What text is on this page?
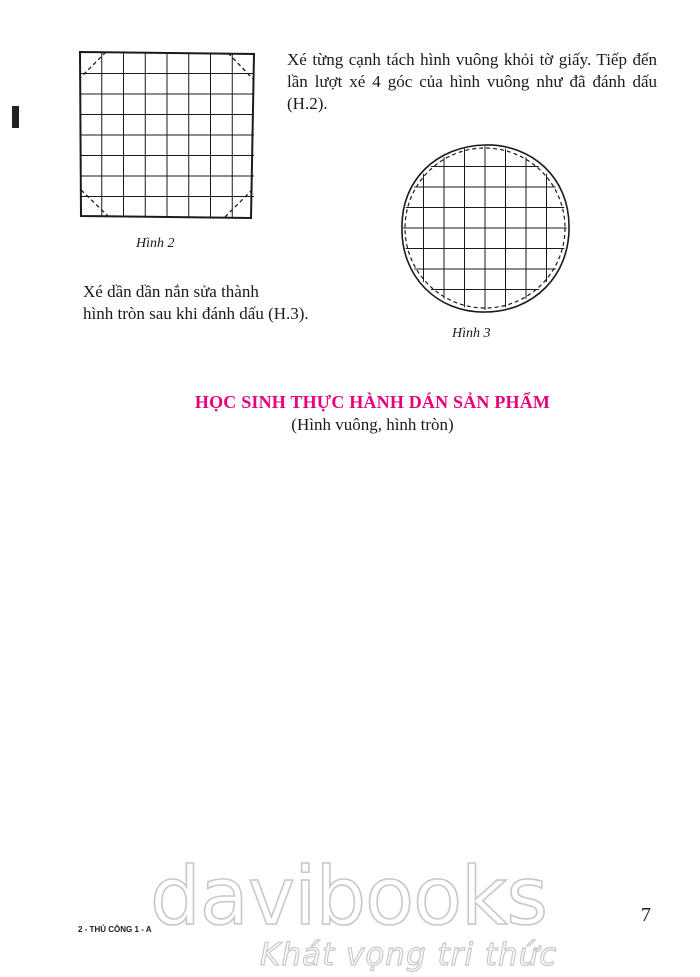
Hình 2
Xé từng cạnh tách hình vuông khỏi tờ giấy. Tiếp đến lần lượt xé 4 góc của hình vuông như đã đánh dấu (H.2).
Hình 3
Xé dần dần nắn sửa thành
hình tròn sau khi đánh dấu (H.3).
HỌC SINH THỰC HÀNH DÁN SẢN PHẨM
(Hình vuông, hình tròn)
2 - THỦ CÔNG 1 - A
7
davibooks
Khát vọng tri thức
